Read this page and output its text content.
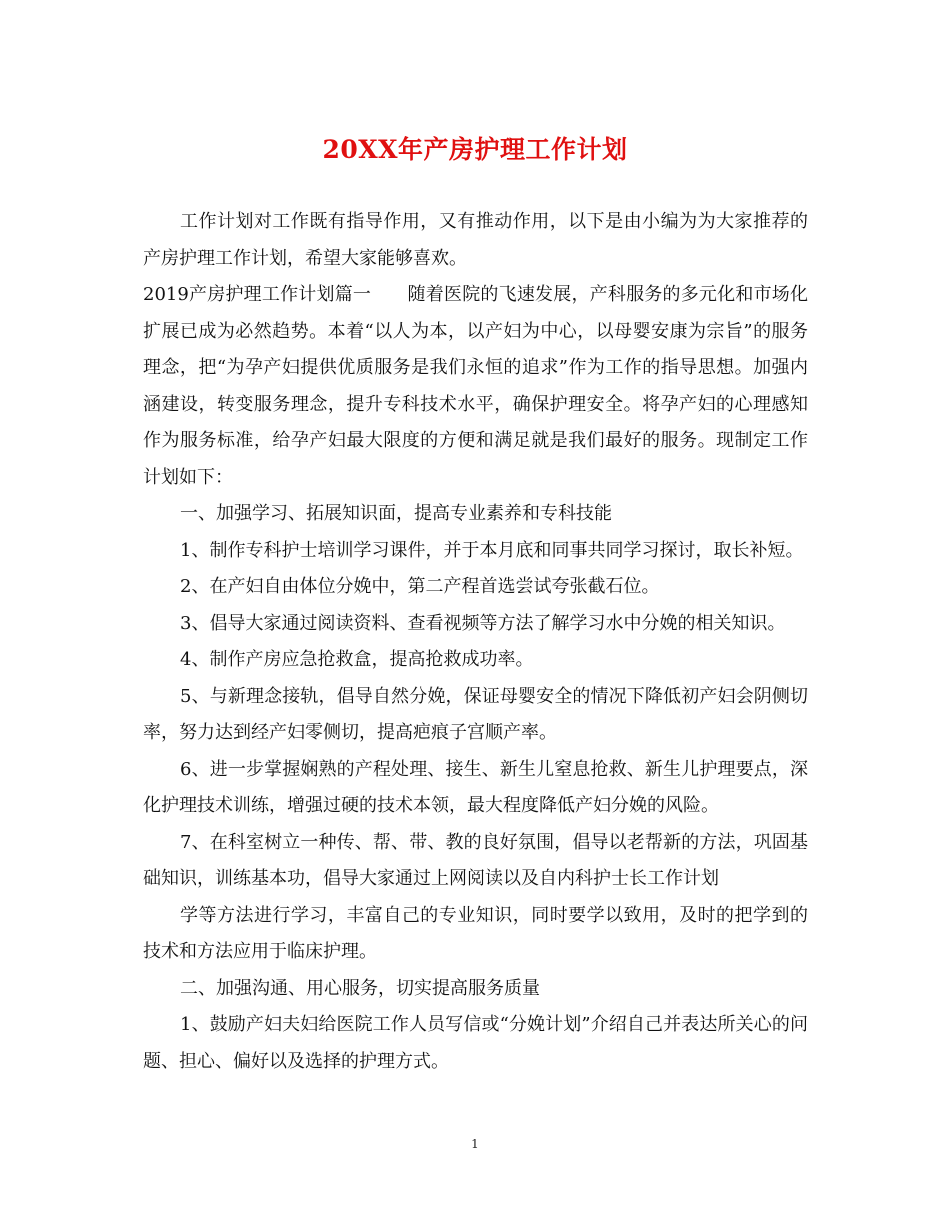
20XX年产房护理工作计划

工作计划对工作既有指导作用，又有推动作用，以下是由小编为为大家推荐的产房护理工作计划，希望大家能够喜欢。

2019产房护理工作计划篇一　　随着医院的飞速发展，产科服务的多元化和市场化扩展已成为必然趋势。本着“以人为本，以产妇为中心，以母婴安康为宗旨”的服务理念，把“为孕产妇提供优质服务是我们永恒的追求”作为工作的指导思想。加强内涵建设，转变服务理念，提升专科技术水平，确保护理安全。将孕产妇的心理感知作为服务标准，给孕产妇最大限度的方便和满足就是我们最好的服务。现制定工作计划如下：

一、加强学习、拓展知识面，提高专业素养和专科技能

1、制作专科护士培训学习课件，并于本月底和同事共同学习探讨，取长补短。

2、在产妇自由体位分娩中，第二产程首选尝试夸张截石位。

3、倡导大家通过阅读资料、查看视频等方法了解学习水中分娩的相关知识。

4、制作产房应急抢救盒，提高抢救成功率。

5、与新理念接轨，倡导自然分娩，保证母婴安全的情况下降低初产妇会阴侧切率，努力达到经产妇零侧切，提高疤痕子宫顺产率。

6、进一步掌握娴熟的产程处理、接生、新生儿窒息抢救、新生儿护理要点，深化护理技术训练，增强过硬的技术本领，最大程度降低产妇分娩的风险。

7、在科室树立一种传、帮、带、教的良好氛围，倡导以老帮新的方法，巩固基础知识，训练基本功，倡导大家通过上网阅读以及自内科护士长工作计划

学等方法进行学习，丰富自己的专业知识，同时要学以致用，及时的把学到的技术和方法应用于临床护理。

二、加强沟通、用心服务，切实提高服务质量

1、鼓励产妇夫妇给医院工作人员写信或“分娩计划”介绍自己并表达所关心的问题、担心、偏好以及选择的护理方式。

1
